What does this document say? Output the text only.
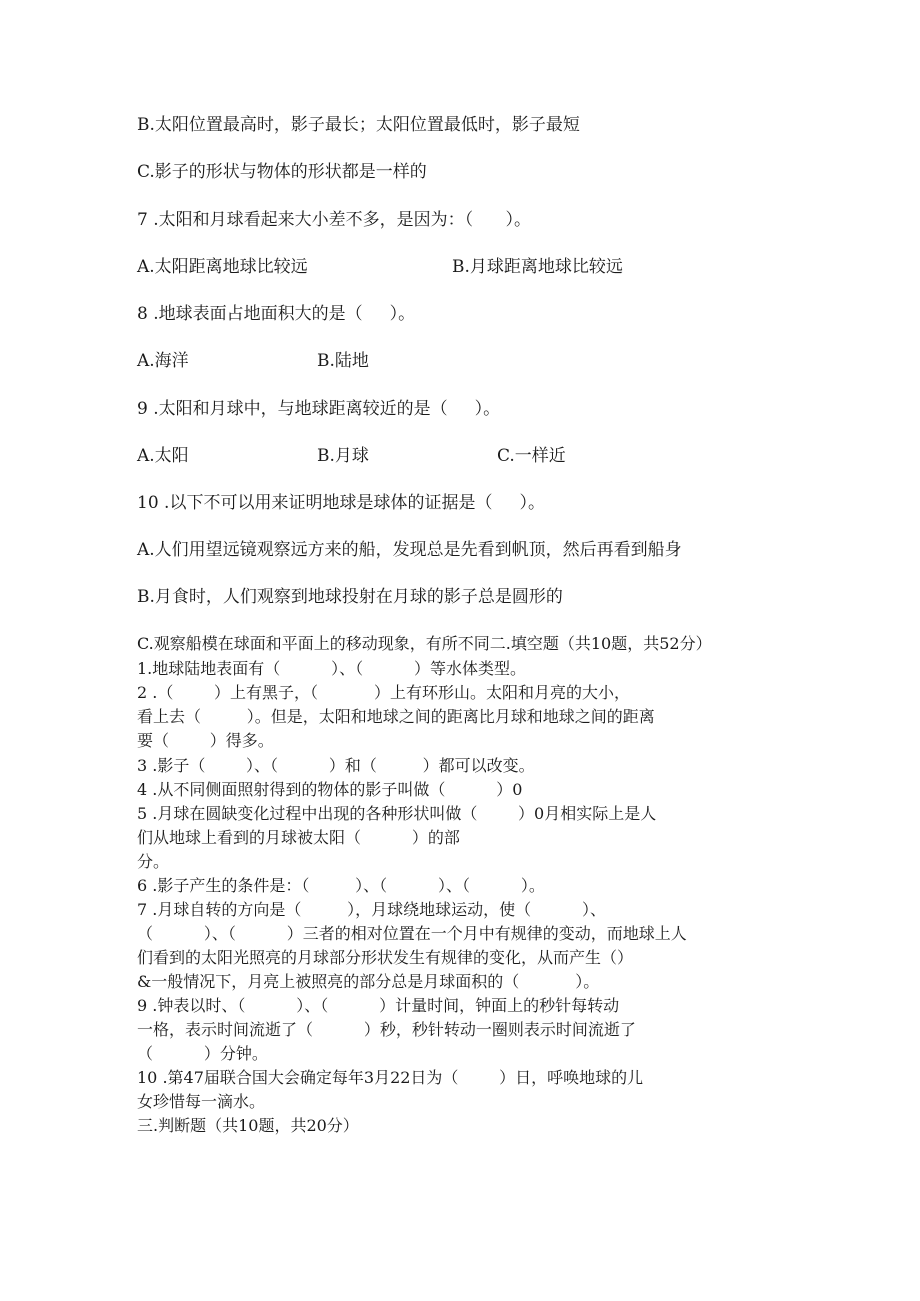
B.太阳位置最高时，影子最长；太阳位置最低时，影子最短
C.影子的形状与物体的形状都是一样的
7 .太阳和月球看起来大小差不多，是因为：（      ）。
A.太阳距离地球比较远	B.月球距离地球比较远
8 .地球表面占地面积大的是（     ）。
A.海洋	B.陆地
9 .太阳和月球中，与地球距离较近的是（     ）。
A.太阳	B.月球	C.一样近
10 .以下不可以用来证明地球是球体的证据是（     ）。
A.人们用望远镜观察远方来的船，发现总是先看到帆顶，然后再看到船身
B.月食时，人们观察到地球投射在月球的影子总是圆形的
C.观察船模在球面和平面上的移动现象，有所不同二.填空题（共10题，共52分）
1.地球陆地表面有（          ）、（          ）等水体类型。
2 .（        ）上有黑子，（           ）上有环形山。太阳和月亮的大小，
看上去（         ）。但是，太阳和地球之间的距离比月球和地球之间的距离
要（        ）得多。
3 .影子（        ）、（          ）和（         ）都可以改变。
4 .从不同侧面照射得到的物体的影子叫做（          ）0
5 .月球在圆缺变化过程中出现的各种形状叫做（        ）0月相实际上是人
们从地球上看到的月球被太阳（          ）的部
分。
6 .影子产生的条件是：（         ）、（          ）、（          ）。
7 .月球自转的方向是（         ），月球绕地球运动，使（          ）、
（          ）、（          ）三者的相对位置在一个月中有规律的变动，而地球上人
们看到的太阳光照亮的月球部分形状发生有规律的变化，从而产生（）
&一般情况下，月亮上被照亮的部分总是月球面积的（           ）。
9 .钟表以时、（          ）、（          ）计量时间，钟面上的秒针每转动
一格，表示时间流逝了（          ）秒，秒针转动一圈则表示时间流逝了
（          ）分钟。
10 .第47届联合国大会确定每年3月22日为（        ）日，呼唤地球的儿
女珍惜每一滴水。
三.判断题（共10题，共20分）
